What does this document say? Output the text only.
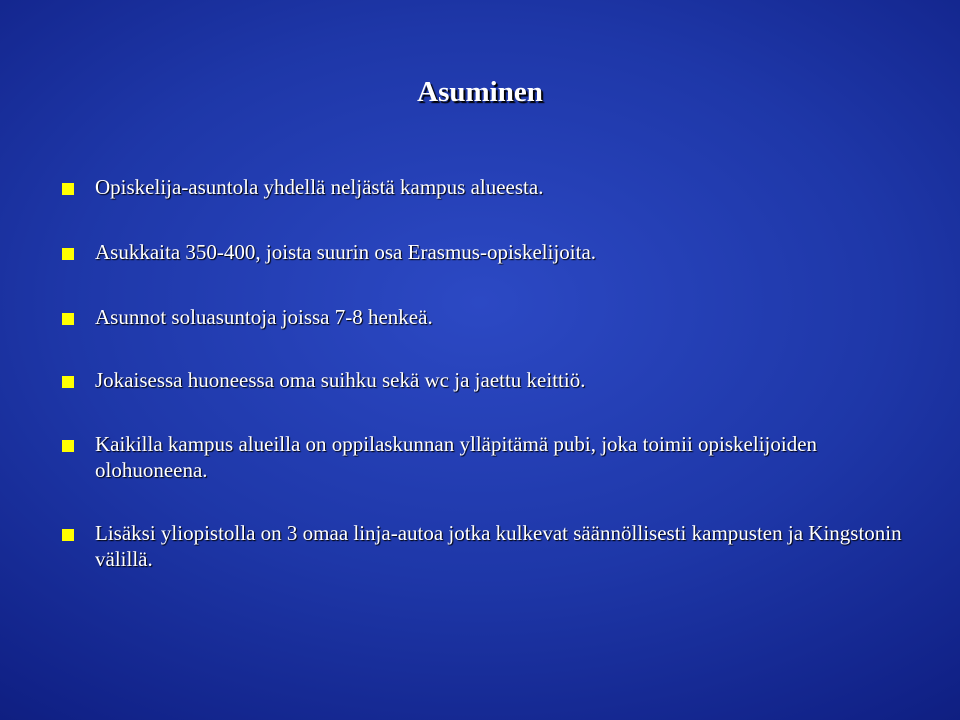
Asuminen
Opiskelija-asuntola yhdellä neljästä kampus alueesta.
Asukkaita 350-400, joista suurin osa Erasmus-opiskelijoita.
Asunnot soluasuntoja joissa 7-8 henkeä.
Jokaisessa huoneessa oma suihku sekä wc ja jaettu keittiö.
Kaikilla kampus alueilla on oppilaskunnan ylläpitämä pubi, joka toimii opiskelijoiden olohuoneena.
Lisäksi yliopistolla on 3 omaa linja-autoa jotka kulkevat säännöllisesti kampusten ja Kingstonin välillä.
